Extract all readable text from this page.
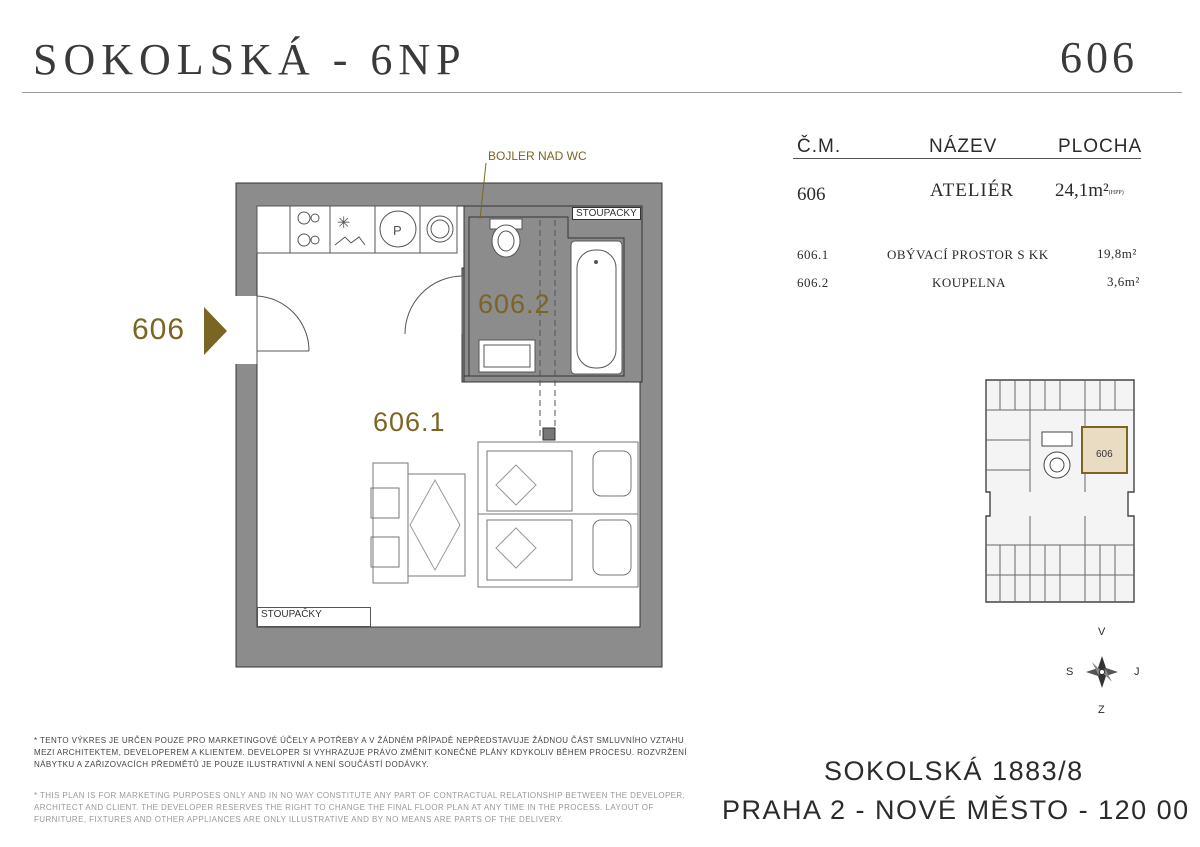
SOKOLSKÁ - 6NP	606
Č.M.	NÁZEV	PLOCHA
606	ATELIÉR 24,1m²(HPP)
606.1	OBÝVACÍ PROSTOR S KK	19,8m²
606.2	KOUPELNA	3,6m²
✳	P
606
606.2
606.1
BOJLER NAD WC
STOUPAČKY
STOUPAČKY
606
V
S	J
Z
* TENTO VÝKRES JE URČEN POUZE PRO MARKETINGOVÉ ÚČELY A POTŘEBY A V ŽÁDNÉM PŘÍPADĚ NEPŘEDSTAVUJE ŽÁDNOU ČÁST SMLUVNÍHO VZTAHU
MEZI ARCHITEKTEM, DEVELOPEREM A KLIENTEM. DEVELOPER SI VYHRAZUJE PRÁVO ZMĚNIT KONEČNÉ PLÁNY KDYKOLIV BĚHEM PROCESU. ROZVRŽENÍ
NÁBYTKU A ZAŘIZOVACÍCH PŘEDMĚTŮ JE POUZE ILUSTRATIVNÍ A NENÍ SOUČÁSTÍ DODÁVKY.
* THIS PLAN IS FOR MARKETING PURPOSES ONLY AND IN NO WAY CONSTITUTE ANY PART OF CONTRACTUAL RELATIONSHIP BETWEEN THE DEVELOPER,
ARCHITECT AND CLIENT. THE DEVELOPER RESERVES THE RIGHT TO CHANGE THE FINAL FLOOR PLAN AT ANY TIME IN THE PROCESS. LAYOUT OF
FURNITURE, FIXTURES AND OTHER APPLIANCES ARE ONLY ILLUSTRATIVE AND BY NO MEANS ARE PARTS OF THE DELIVERY.
SOKOLSKÁ 1883/8
PRAHA 2 - NOVÉ MĚSTO - 120 00
